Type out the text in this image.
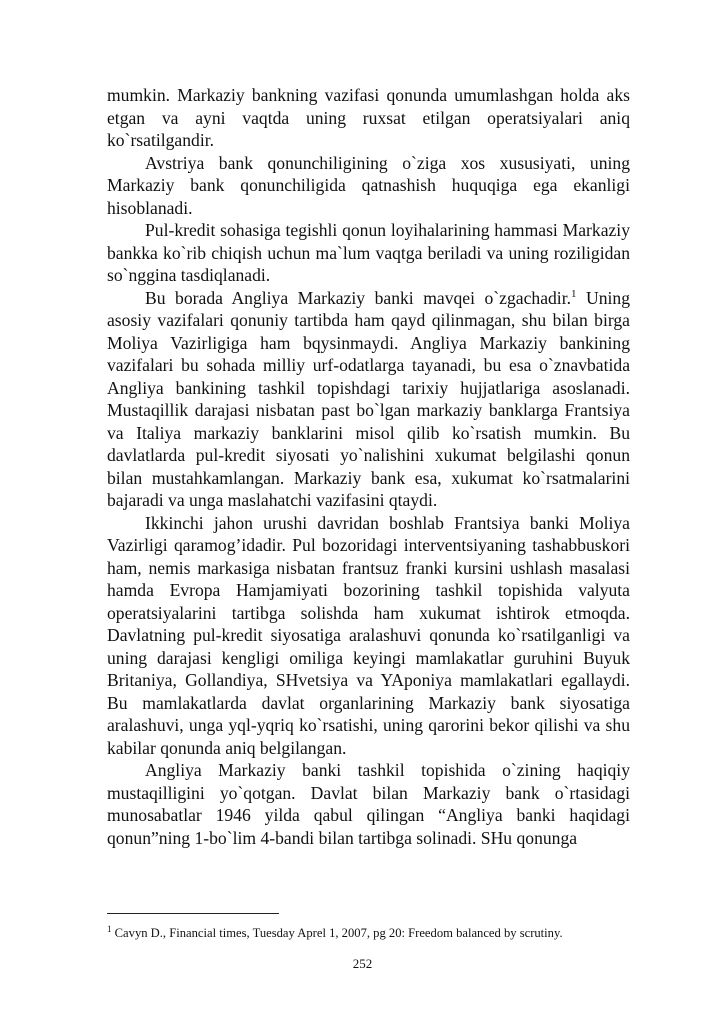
mumkin. Markaziy bankning vazifasi qonunda umumlashgan holda aks etgan va ayni vaqtda uning ruxsat etilgan operatsiyalari aniq ko`rsatilgandir.

Avstriya bank qonunchiligining o`ziga xos xususiyati, uning Markaziy bank qonunchiligida qatnashish huquqiga ega ekanligi hisoblanadi.

Pul-kredit sohasiga tegishli qonun loyihalarining hammasi Markaziy bankka ko`rib chiqish uchun ma`lum vaqtga beriladi va uning roziligidan so`nggina tasdiqlanadi.

Bu borada Angliya Markaziy banki mavqei o`zgachadir.$^1$ Uning asosiy vazifalari qonuniy tartibda ham qayd qilinmagan, shu bilan birga Moliya Vazirligiga ham bqysinmaydi. Angliya Markaziy bankining vazifalari bu sohada milliy urf-odatlarga tayanadi, bu esa o`znavbatida Angliya bankining tashkil topishdagi tarixiy hujjatlariga asoslanadi. Mustaqillik darajasi nisbatan past bo`lgan markaziy banklarga Frantsiya va Italiya markaziy banklarini misol qilib ko`rsatish mumkin. Bu davlatlarda pul-kredit siyosati yo`nalishini xukumat belgilashi qonun bilan mustahkamlangan. Markaziy bank esa, xukumat ko`rsatmalarini bajaradi va unga maslahatchi vazifasini qtaydi.

Ikkinchi jahon urushi davridan boshlab Frantsiya banki Moliya Vazirligi qaramog’idadir. Pul bozoridagi interventsiyaning tashabbuskori ham, nemis markasiga nisbatan frantsuz franki kursini ushlash masalasi hamda Evropa Hamjamiyati bozorining tashkil topishida valyuta operatsiyalarini tartibga solishda ham xukumat ishtirok etmoqda. Davlatning pul-kredit siyosatiga aralashuvi qonunda ko`rsatilganligi va uning darajasi kengligi omiliga keyingi mamlakatlar guruhini Buyuk Britaniya, Gollandiya, SHvetsiya va YAponiya mamlakatlari egallaydi. Bu mamlakatlarda davlat organlarining Markaziy bank siyosatiga aralashuvi, unga yql-yqriq ko`rsatishi, uning qarorini bekor qilishi va shu kabilar qonunda aniq belgilangan.

Angliya Markaziy banki tashkil topishida o`zining haqiqiy mustaqilligini yo`qotgan. Davlat bilan Markaziy bank o`rtasidagi munosabatlar 1946 yilda qabul qilingan “Angliya banki haqidagi qonun”ning 1-bo`lim 4-bandi bilan tartibga solinadi. SHu qonunga

$^1$ Cavyn D., Financial times, Tuesday Aprel 1, 2007, pg 20: Freedom balanced by scrutiny.
252
